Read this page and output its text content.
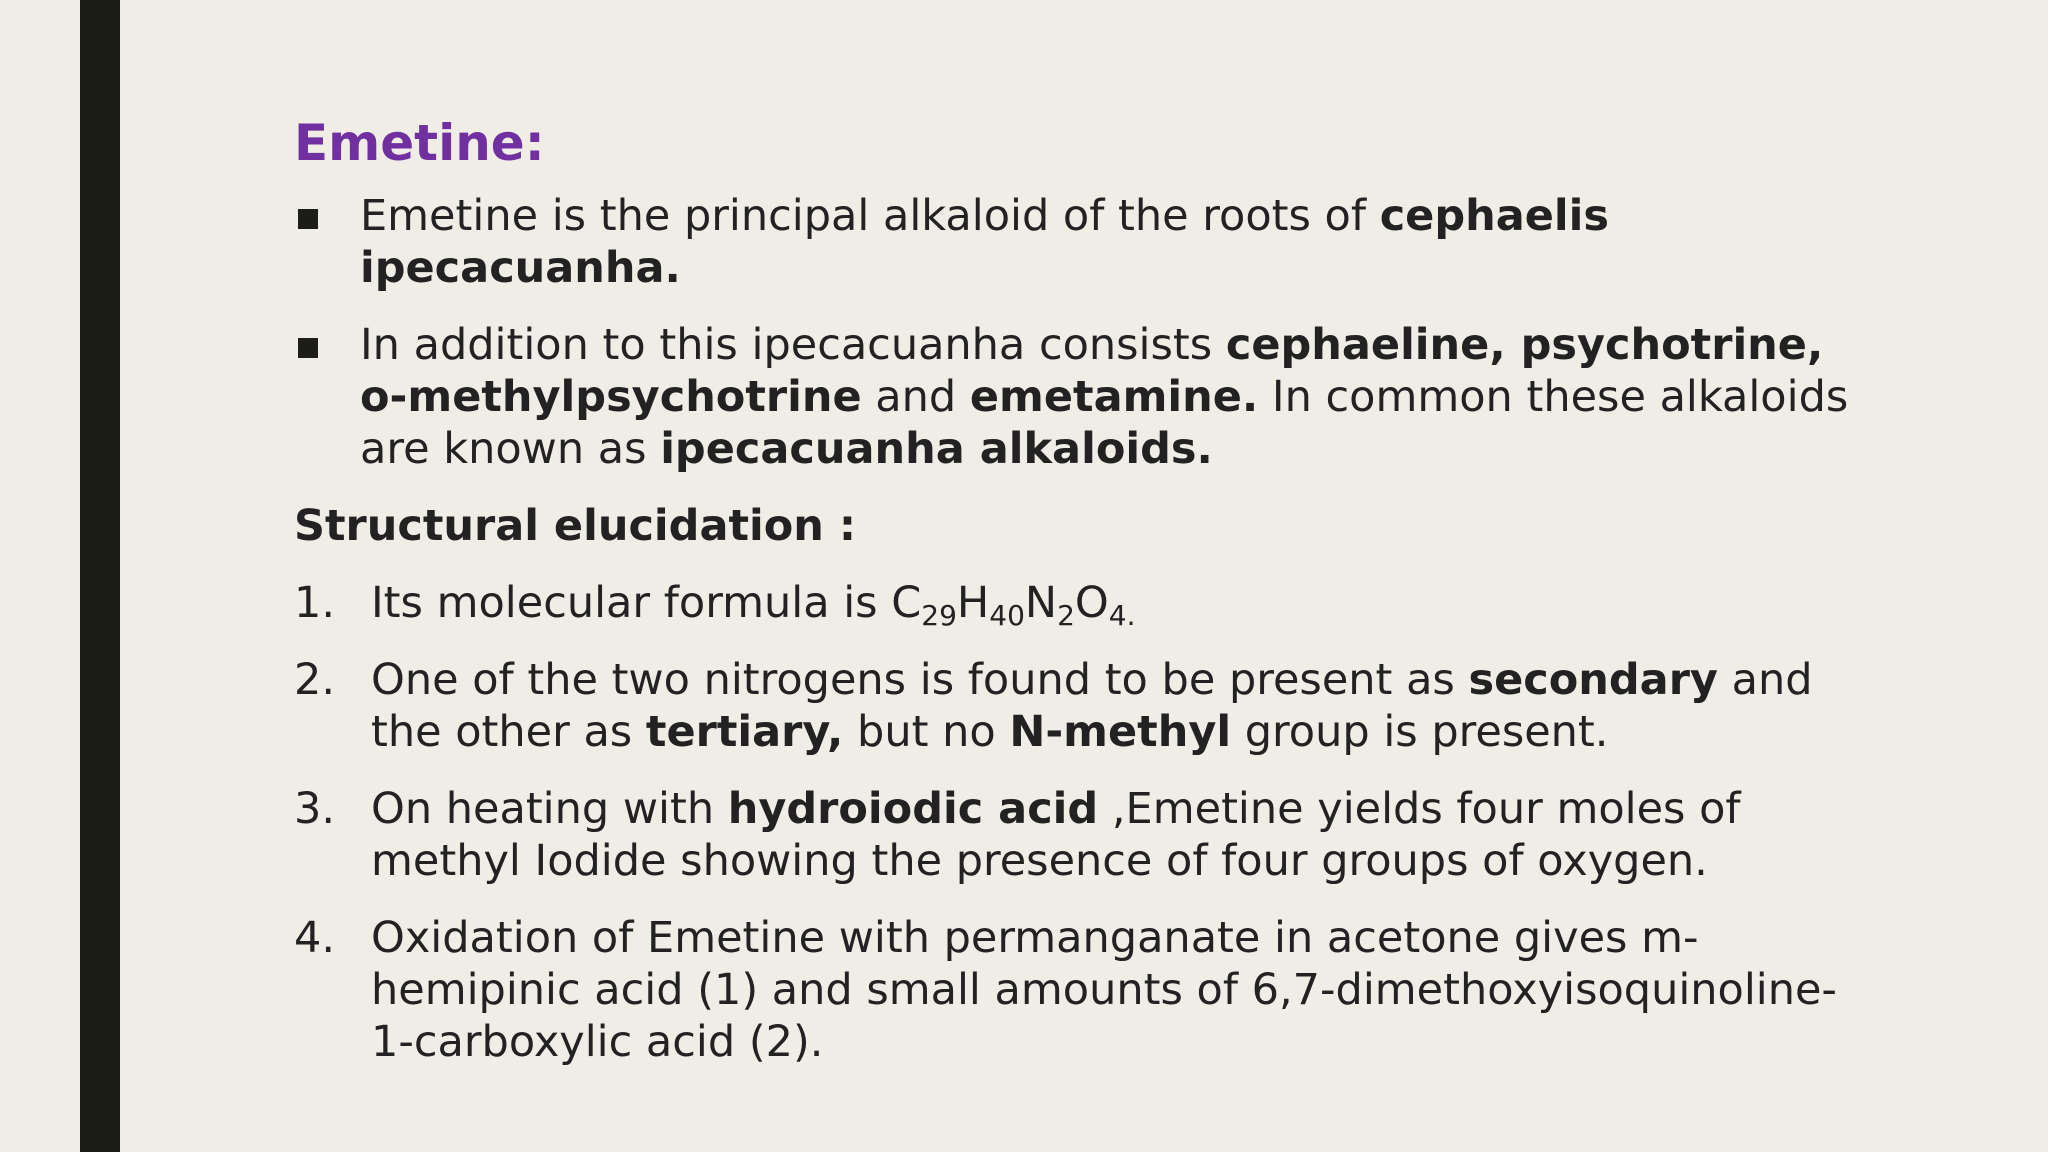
Emetine:
Emetine is the principal alkaloid of the roots of cephaelis ipecacuanha.
In addition to this ipecacuanha consists cephaeline, psychotrine, o-methylpsychotrine and emetamine. In common these alkaloids are known as ipecacuanha alkaloids.
Structural elucidation :
1. Its molecular formula is $C_{29}H_{40}N_2O_{4.}$
2. One of the two nitrogens is found to be present as secondary and the other as tertiary, but no N-methyl group is present.
3. On heating with hydroiodic acid ,Emetine yields four moles of methyl Iodide showing the presence of four groups of oxygen.
4. Oxidation of Emetine with permanganate in acetone gives m-hemipinic acid (1) and small amounts of 6,7-dimethoxyisoquinoline-1-carboxylic acid (2).
